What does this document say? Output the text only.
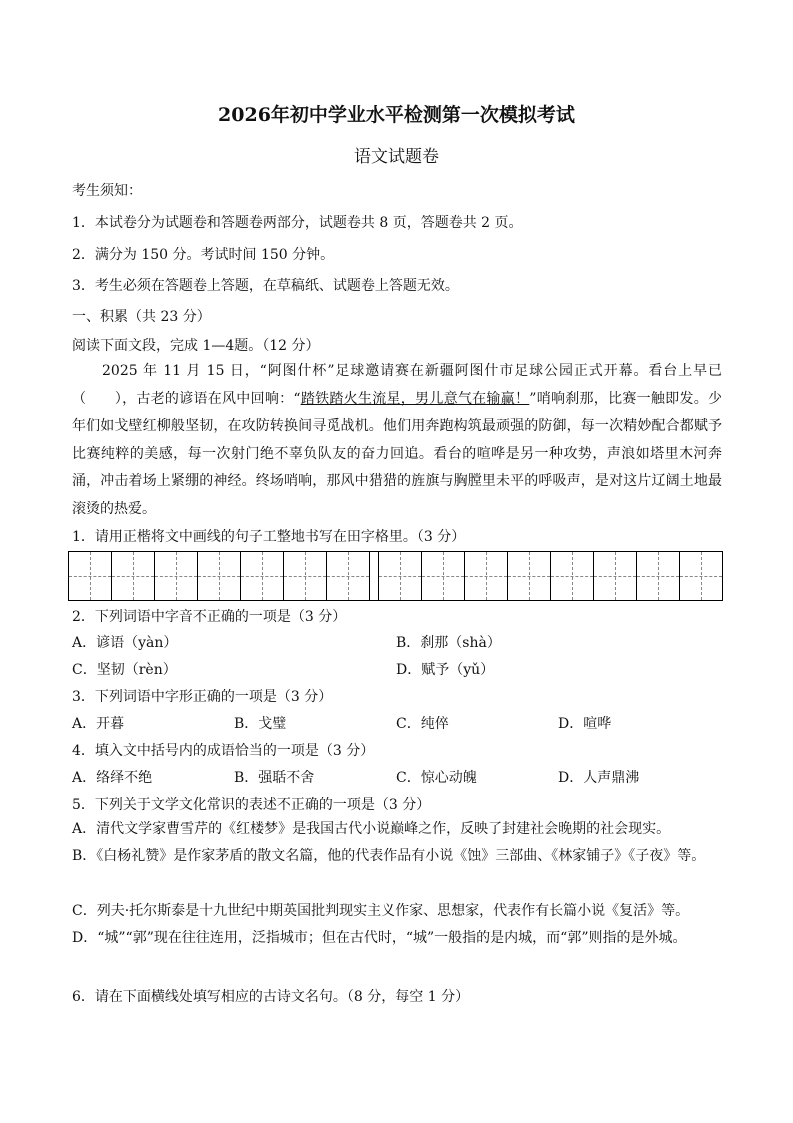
2026年初中学业水平检测第一次模拟考试
语文试题卷
考生须知：
1．本试卷分为试题卷和答题卷两部分，试题卷共 8 页，答题卷共 2 页。
2．满分为 150 分。考试时间 150 分钟。
3．考生必须在答题卷上答题，在草稿纸、试题卷上答题无效。
一、积累（共 23 分）
阅读下面文段，完成 1—4题。（12 分）
2025 年 11 月 15 日，“阿图什杯”足球邀请赛在新疆阿图什市足球公园正式开幕。看台上早已（　　），古老的谚语在风中回响：“踏铁踏火生流星，男儿意气在输赢！”哨响刹那，比赛一触即发。少年们如戈壁红柳般坚韧，在攻防转换间寻觅战机。他们用奔跑构筑最顽强的防御，每一次精妙配合都赋予比赛纯粹的美感，每一次射门绝不辜负队友的奋力回追。看台的喧哗是另一种攻势，声浪如塔里木河奔涌，冲击着场上紧绷的神经。终场哨响，那风中猎猎的旌旗与胸膛里未平的呼吸声，是对这片辽阔土地最滚烫的热爱。
1．请用正楷将文中画线的句子工整地书写在田字格里。（3 分）
2．下列词语中字音不正确的一项是（3 分）
A．谚语（yàn）	B．刹那（shà）
C．坚韧（rèn）	D．赋予（yǔ）
3．下列词语中字形正确的一项是（3 分）
A．开暮	B．戈璧	C．纯倅	D．喧哗
4．填入文中括号内的成语恰当的一项是（3 分）
A．络绎不绝	B．强聒不舍	C．惊心动魄	D．人声鼎沸
5．下列关于文学文化常识的表述不正确的一项是（3 分）
A．清代文学家曹雪芹的《红楼梦》是我国古代小说巅峰之作，反映了封建社会晚期的社会现实。
B．《白杨礼赞》是作家茅盾的散文名篇，他的代表作品有小说《蚀》三部曲、《林家铺子》《子夜》等。
C．列夫·托尔斯泰是十九世纪中期英国批判现实主义作家、思想家，代表作有长篇小说《复活》等。
D．“城”“郭”现在往往连用，泛指城市；但在古代时，“城”一般指的是内城，而“郭”则指的是外城。
6．请在下面横线处填写相应的古诗文名句。（8 分，每空 1 分）
